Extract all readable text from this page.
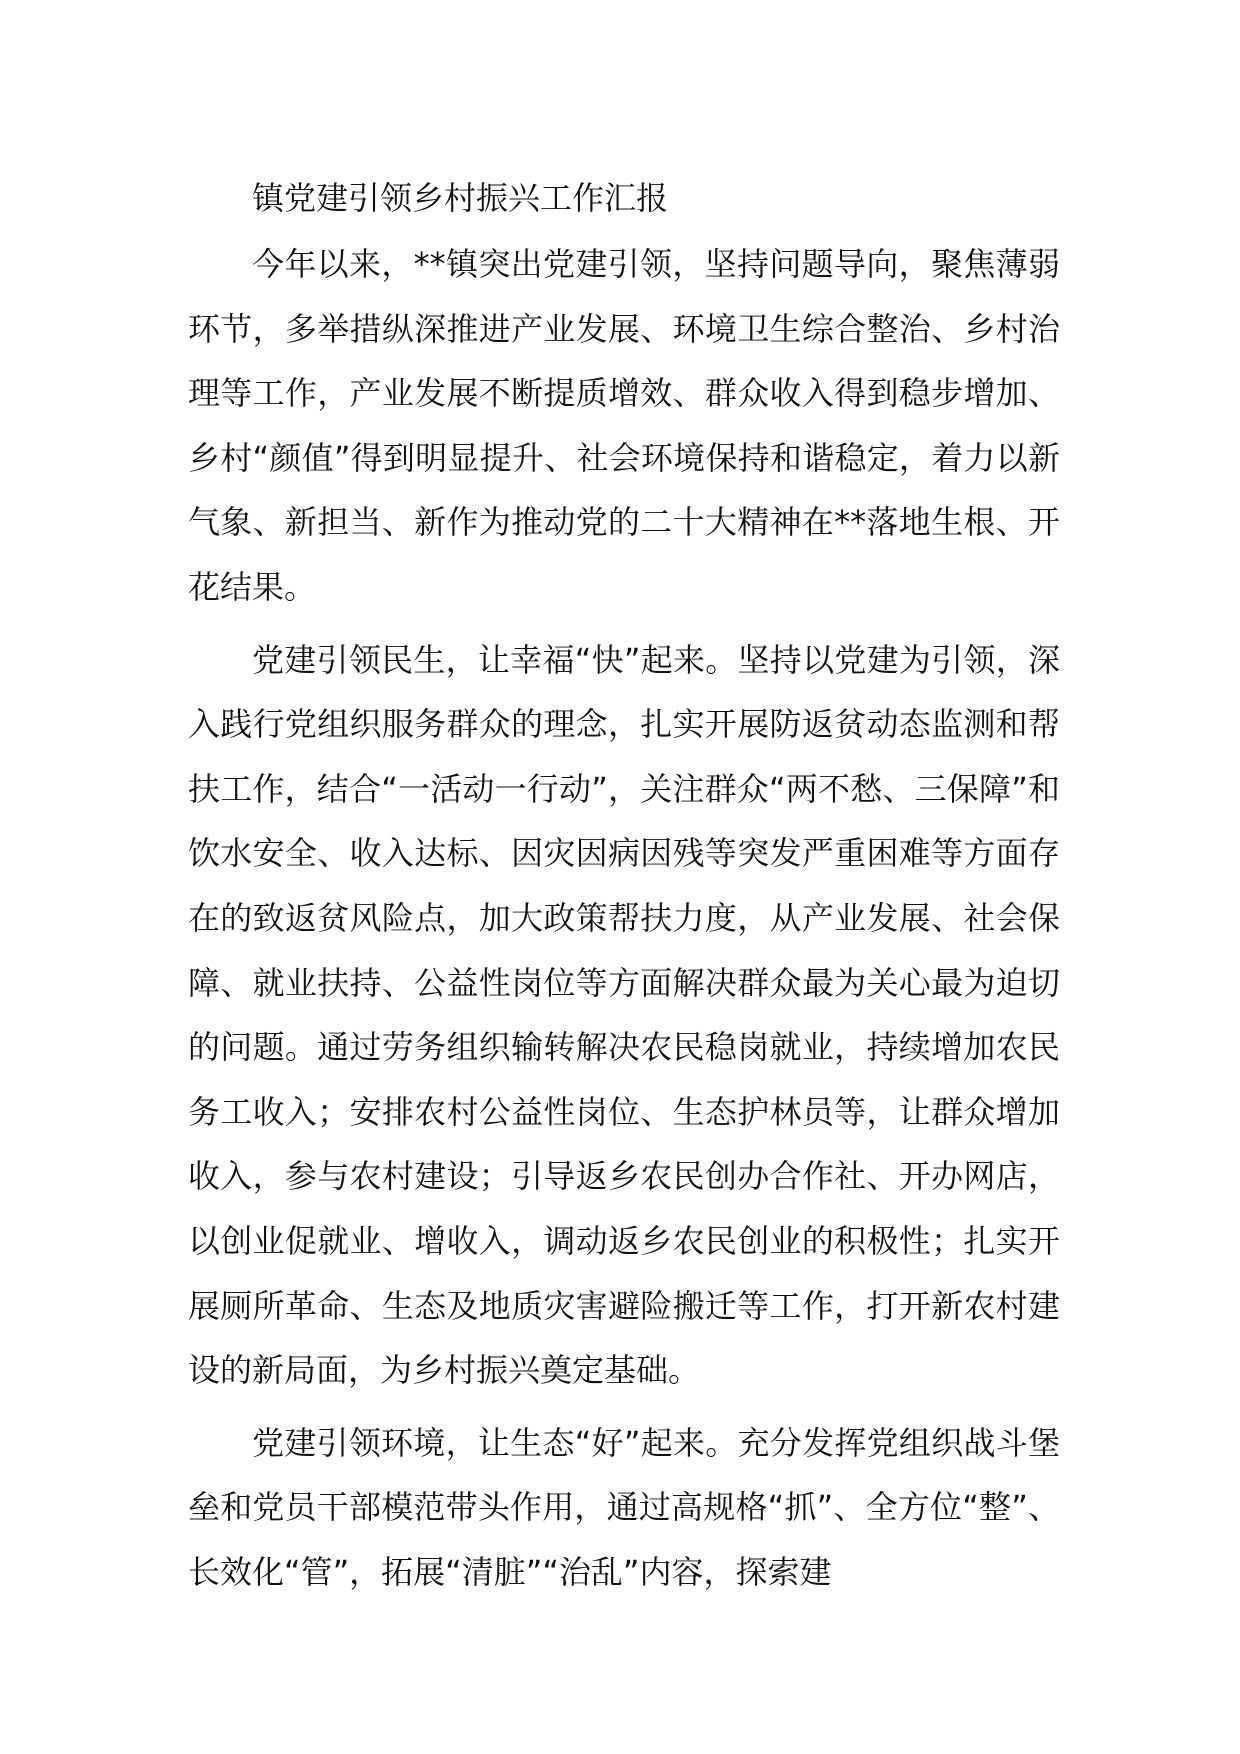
镇党建引领乡村振兴工作汇报

今年以来，**镇突出党建引领，坚持问题导向，聚焦薄弱环节，多举措纵深推进产业发展、环境卫生综合整治、乡村治理等工作，产业发展不断提质增效、群众收入得到稳步增加、乡村“颜值”得到明显提升、社会环境保持和谐稳定，着力以新气象、新担当、新作为推动党的二十大精神在**落地生根、开花结果。

党建引领民生，让幸福“快”起来。坚持以党建为引领，深入践行党组织服务群众的理念，扎实开展防返贫动态监测和帮扶工作，结合“一活动一行动”，关注群众“两不愁、三保障”和饮水安全、收入达标、因灾因病因残等突发严重困难等方面存在的致返贫风险点，加大政策帮扶力度，从产业发展、社会保障、就业扶持、公益性岗位等方面解决群众最为关心最为迫切的问题。通过劳务组织输转解决农民稳岗就业，持续增加农民务工收入；安排农村公益性岗位、生态护林员等，让群众增加收入，参与农村建设；引导返乡农民创办合作社、开办网店，以创业促就业、增收入，调动返乡农民创业的积极性；扎实开展厕所革命、生态及地质灾害避险搬迁等工作，打开新农村建设的新局面，为乡村振兴奠定基础。

党建引领环境，让生态“好”起来。充分发挥党组织战斗堡垒和党员干部模范带头作用，通过高规格“抓”、全方位“整”、长效化“管”，拓展“清脏”“治乱”内容，探索建
